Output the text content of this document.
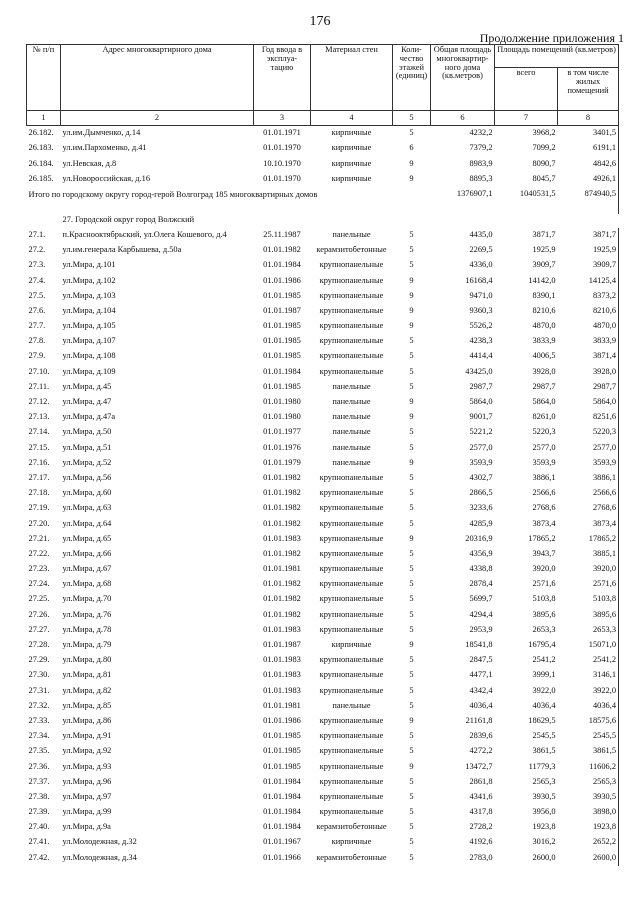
176
Продолжение приложения 1
№ п/п	Адрес многоквартирного дома	Год ввода в эксплуа-тацию	Материал стен	Коли-чество этажей (единиц)	Общая площадь многоквартир-ного дома (кв.метров)	Площадь помещений (кв.метров)	
						всего	в том числе жилых помещений
1	2	3	4	5	6	7	8
26.182.	ул.им.Дымченко, д.14	01.01.1971	кирпичные	5	4232,2	3968,2	3401,5
26.183.	ул.им.Пархоменко, д.41	01.01.1970	кирпичные	6	7379,2	7099,2	6191,1
26.184.	ул.Невская, д.8	10.10.1970	кирпичные	9	8983,9	8090,7	4842,6
26.185.	ул.Новороссийская, д.16	01.01.1970	кирпичные	9	8895,3	8045,7	4926,1
Итого по городскому округу город-герой Волгоград 185 многоквартирных домов					1376907,1	1040531,5	874940,5
	27. Городской округ город Волжский						
27.1.	п.Краснооктябрьский, ул.Олега Кошевого, д.4	25.11.1987	панельные	5	4435,0	3871,7	3871,7
27.2.	ул.им.генерала Карбышева, д.50а	01.01.1982	керамзитобетонные	5	2269,5	1925,9	1925,9
27.3.	ул.Мира, д.101	01.01.1984	крупнопанельные	5	4336,0	3909,7	3909,7
27.4.	ул.Мира, д.102	01.01.1986	крупнопанельные	9	16168,4	14142,0	14125,4
27.5.	ул.Мира, д.103	01.01.1985	крупнопанельные	9	9471,0	8390,1	8373,2
27.6.	ул.Мира, д.104	01.01.1987	крупнопанельные	9	9360,3	8210,6	8210,6
27.7.	ул.Мира, д.105	01.01.1985	крупнопанельные	9	5526,2	4870,0	4870,0
27.8.	ул.Мира, д.107	01.01.1985	крупнопанельные	5	4238,3	3833,9	3833,9
27.9.	ул.Мира, д.108	01.01.1985	крупнопанельные	5	4414,4	4006,5	3871,4
27.10.	ул.Мира, д.109	01.01.1984	крупнопанельные	5	43425,0	3928,0	3928,0
27.11.	ул.Мира, д.45	01.01.1985	панельные	5	2987,7	2987,7	2987,7
27.12.	ул.Мира, д.47	01.01.1980	панельные	9	5864,0	5864,0	5864,0
27.13.	ул.Мира, д.47а	01.01.1980	панельные	9	9001,7	8261,0	8251,6
27.14.	ул.Мира, д.50	01.01.1977	панельные	5	5221,2	5220,3	5220,3
27.15.	ул.Мира, д.51	01.01.1976	панельные	5	2577,0	2577,0	2577,0
27.16.	ул.Мира, д.52	01.01.1979	панельные	9	3593,9	3593,9	3593,9
27.17.	ул.Мира, д.56	01.01.1982	крупнопанельные	5	4302,7	3886,1	3886,1
27.18.	ул.Мира, д.60	01.01.1982	крупнопанельные	5	2866,5	2566,6	2566,6
27.19.	ул.Мира, д.63	01.01.1982	крупнопанельные	5	3233,6	2768,6	2768,6
27.20.	ул.Мира, д.64	01.01.1982	крупнопанельные	5	4285,9	3873,4	3873,4
27.21.	ул.Мира, д.65	01.01.1983	крупнопанельные	9	20316,9	17865,2	17865,2
27.22.	ул.Мира, д.66	01.01.1982	крупнопанельные	5	4356,9	3943,7	3885,1
27.23.	ул.Мира, д.67	01.01.1981	крупнопанельные	5	4338,8	3920,0	3920,0
27.24.	ул.Мира, д.68	01.01.1982	крупнопанельные	5	2878,4	2571,6	2571,6
27.25.	ул.Мира, д.70	01.01.1982	крупнопанельные	5	5699,7	5103,8	5103,8
27.26.	ул.Мира, д.76	01.01.1982	крупнопанельные	5	4294,4	3895,6	3895,6
27.27.	ул.Мира, д.78	01.01.1983	крупнопанельные	5	2953,9	2653,3	2653,3
27.28.	ул.Мира, д.79	01.01.1987	кирпичные	9	18541,8	16795,4	15071,0
27.29.	ул.Мира, д.80	01.01.1983	крупнопанельные	5	2847,5	2541,2	2541,2
27.30.	ул.Мира, д.81	01.01.1983	крупнопанельные	5	4477,1	3999,1	3146,1
27.31.	ул.Мира, д.82	01.01.1983	крупнопанельные	5	4342,4	3922,0	3922,0
27.32.	ул.Мира, д.85	01.01.1981	панельные	5	4036,4	4036,4	4036,4
27.33.	ул.Мира, д.86	01.01.1986	крупнопанельные	9	21161,8	18629,5	18575,6
27.34.	ул.Мира, д.91	01.01.1985	крупнопанельные	5	2839,6	2545,5	2545,5
27.35.	ул.Мира, д.92	01.01.1985	крупнопанельные	5	4272,2	3861,5	3861,5
27.36.	ул.Мира, д.93	01.01.1985	крупнопанельные	9	13472,7	11779,3	11606,2
27.37.	ул.Мира, д.96	01.01.1984	крупнопанельные	5	2861,8	2565,3	2565,3
27.38.	ул.Мира, д.97	01.01.1984	крупнопанельные	5	4341,6	3930,5	3930,5
27.39.	ул.Мира, д.99	01.01.1984	крупнопанельные	5	4317,8	3956,0	3898,0
27.40.	ул.Мира, д.9а	01.01.1984	керамзитобетонные	5	2728,2	1923,8	1923,8
27.41.	ул.Молодежная, д.32	01.01.1967	кирпичные	5	4192,6	3016,2	2652,2
27.42.	ул.Молодежная, д.34	01.01.1966	керамзитобетонные	5	2783,0	2600,0	2600,0
